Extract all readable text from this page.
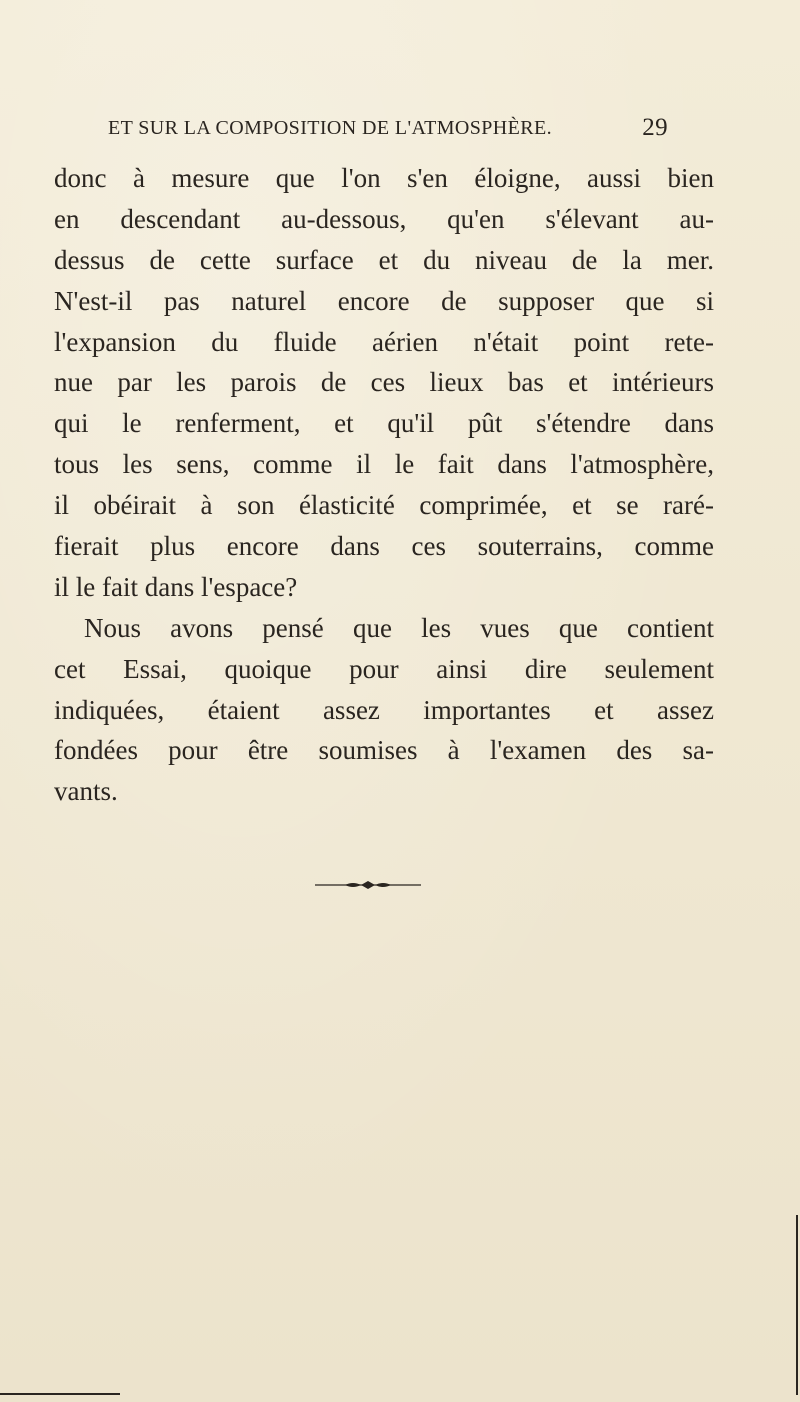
ET SUR LA COMPOSITION DE L'ATMOSPHÈRE.	29
donc à mesure que l'on s'en éloigne, aussi bien
en descendant au-dessous, qu'en s'élevant au-
dessus de cette surface et du niveau de la mer.
N'est-il pas naturel encore de supposer que si
l'expansion du fluide aérien n'était point rete-
nue par les parois de ces lieux bas et intérieurs
qui le renferment, et qu'il pût s'étendre dans
tous les sens, comme il le fait dans l'atmosphère,
il obéirait à son élasticité comprimée, et se raré-
fierait plus encore dans ces souterrains, comme
il le fait dans l'espace?
Nous avons pensé que les vues que contient
cet Essai, quoique pour ainsi dire seulement
indiquées, étaient assez importantes et assez
fondées pour être soumises à l'examen des sa-
vants.
